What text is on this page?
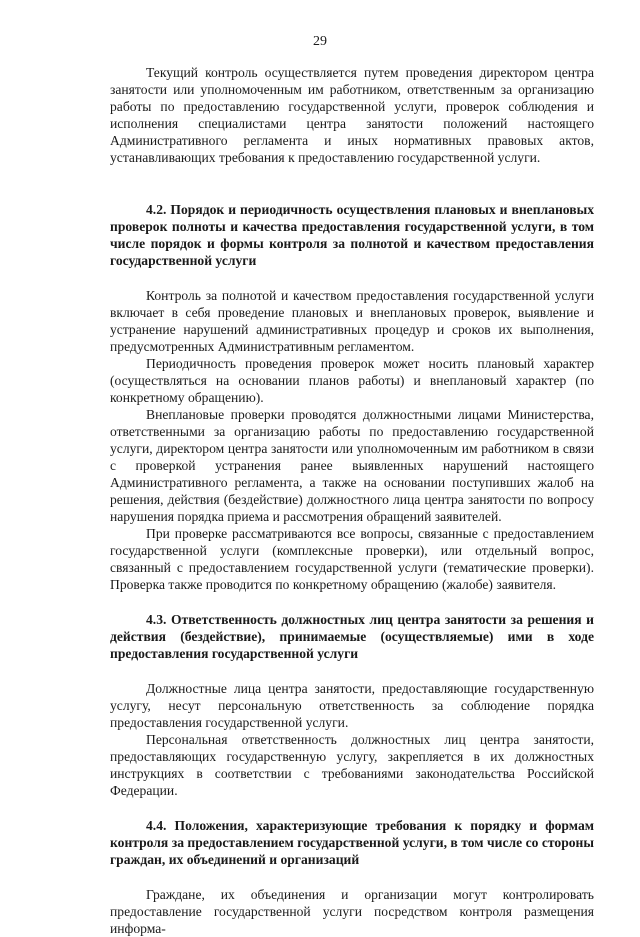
29

Текущий контроль осуществляется путем проведения директором центра занятости или уполномоченным им работником, ответственным за организацию работы по предоставлению государственной услуги, проверок соблюдения и исполнения специалистами центра занятости положений настоящего Административного регламента и иных нормативных правовых актов, устанавливающих требования к предоставлению государственной услуги.

4.2. Порядок и периодичность осуществления плановых и внеплановых проверок полноты и качества предоставления государственной услуги, в том числе порядок и формы контроля за полнотой и качеством предоставления государственной услуги

Контроль за полнотой и качеством предоставления государственной услуги включает в себя проведение плановых и внеплановых проверок, выявление и устранение нарушений административных процедур и сроков их выполнения, предусмотренных Административным регламентом.

Периодичность проведения проверок может носить плановый характер (осуществляться на основании планов работы) и внеплановый характер (по конкретному обращению).

Внеплановые проверки проводятся должностными лицами Министерства, ответственными за организацию работы по предоставлению государственной услуги, директором центра занятости или уполномоченным им работником в связи с проверкой устранения ранее выявленных нарушений настоящего Административного регламента, а также на основании поступивших жалоб на решения, действия (бездействие) должностного лица центра занятости по вопросу нарушения порядка приема и рассмотрения обращений заявителей.

При проверке рассматриваются все вопросы, связанные с предоставлением государственной услуги (комплексные проверки), или отдельный вопрос, связанный с предоставлением государственной услуги (тематические проверки). Проверка также проводится по конкретному обращению (жалобе) заявителя.

4.3. Ответственность должностных лиц центра занятости за решения и действия (бездействие), принимаемые (осуществляемые) ими в ходе предоставления государственной услуги

Должностные лица центра занятости, предоставляющие государственную услугу, несут персональную ответственность за соблюдение порядка предоставления государственной услуги.

Персональная ответственность должностных лиц центра занятости, предоставляющих государственную услугу, закрепляется в их должностных инструкциях в соответствии с требованиями законодательства Российской Федерации.

4.4. Положения, характеризующие требования к порядку и формам контроля за предоставлением государственной услуги, в том числе со стороны граждан, их объединений и организаций

Граждане, их объединения и организации могут контролировать предоставление государственной услуги посредством контроля размещения информа-
